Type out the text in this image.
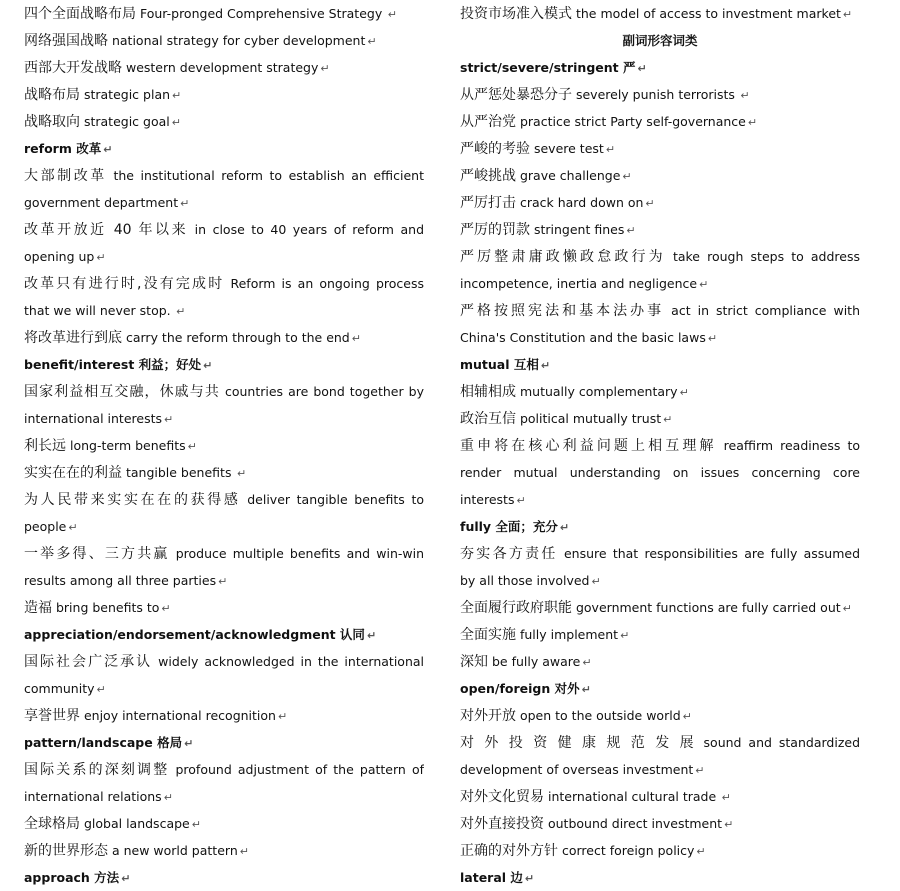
四个全面战略布局 Four-pronged Comprehensive Strategy ↵
网络强国战略 national strategy for cyber development ↵
西部大开发战略 western development strategy ↵
战略布局 strategic plan ↵
战略取向 strategic goal ↵
reform 改革 ↵
大部制改革 the institutional reform to establish an efficient
government department ↵
改革开放近 40 年以来 in close to 40 years of reform and
opening up ↵
改革只有进行时,没有完成时 Reform is an ongoing process
that we will never stop. ↵
将改革进行到底 carry the reform through to the end ↵
benefit/interest 利益；好处 ↵
国家利益相互交融，休戚与共 countries are bond together by
international interests ↵
利长远 long-term benefits ↵
实实在在的利益 tangible benefits ↵
为人民带来实实在在的获得感 deliver tangible benefits to
people ↵
一举多得、三方共赢 produce multiple benefits and win-win
results among all three parties ↵
造福 bring benefits to ↵
appreciation/endorsement/acknowledgment 认同 ↵
国际社会广泛承认 widely acknowledged in the international
community ↵
享誉世界 enjoy international recognition ↵
pattern/landscape 格局 ↵
国际关系的深刻调整 profound adjustment of the pattern of
international relations ↵
全球格局 global landscape ↵
新的世界形态 a new world pattern ↵
approach 方法 ↵
投资市场准入模式 the model of access to investment market ↵
副词形容词类
strict/severe/stringent 严 ↵
从严惩处暴恐分子 severely punish terrorists ↵
从严治党 practice strict Party self-governance ↵
严峻的考验 severe test ↵
严峻挑战 grave challenge ↵
严厉打击 crack hard down on ↵
严厉的罚款 stringent fines ↵
严厉整肃庸政懒政怠政行为 take rough steps to address
incompetence, inertia and negligence ↵
严格按照宪法和基本法办事 act in strict compliance with
China's Constitution and the basic laws ↵
mutual 互相 ↵
相辅相成 mutually complementary ↵
政治互信 political mutually trust ↵
重申将在核心利益问题上相互理解 reaffirm readiness to
render mutual understanding on issues concerning core
interests ↵
fully 全面；充分 ↵
夯实各方责任 ensure that responsibilities are fully assumed
by all those involved ↵
全面履行政府职能 government functions are fully carried out ↵
全面实施 fully implement ↵
深知 be fully aware ↵
open/foreign 对外 ↵
对外开放 open to the outside world ↵
对 外 投 资 健 康 规 范 发 展 sound and standardized
development of overseas investment ↵
对外文化贸易 international cultural trade ↵
对外直接投资 outbound direct investment ↵
正确的对外方针 correct foreign policy ↵
lateral 边 ↵
